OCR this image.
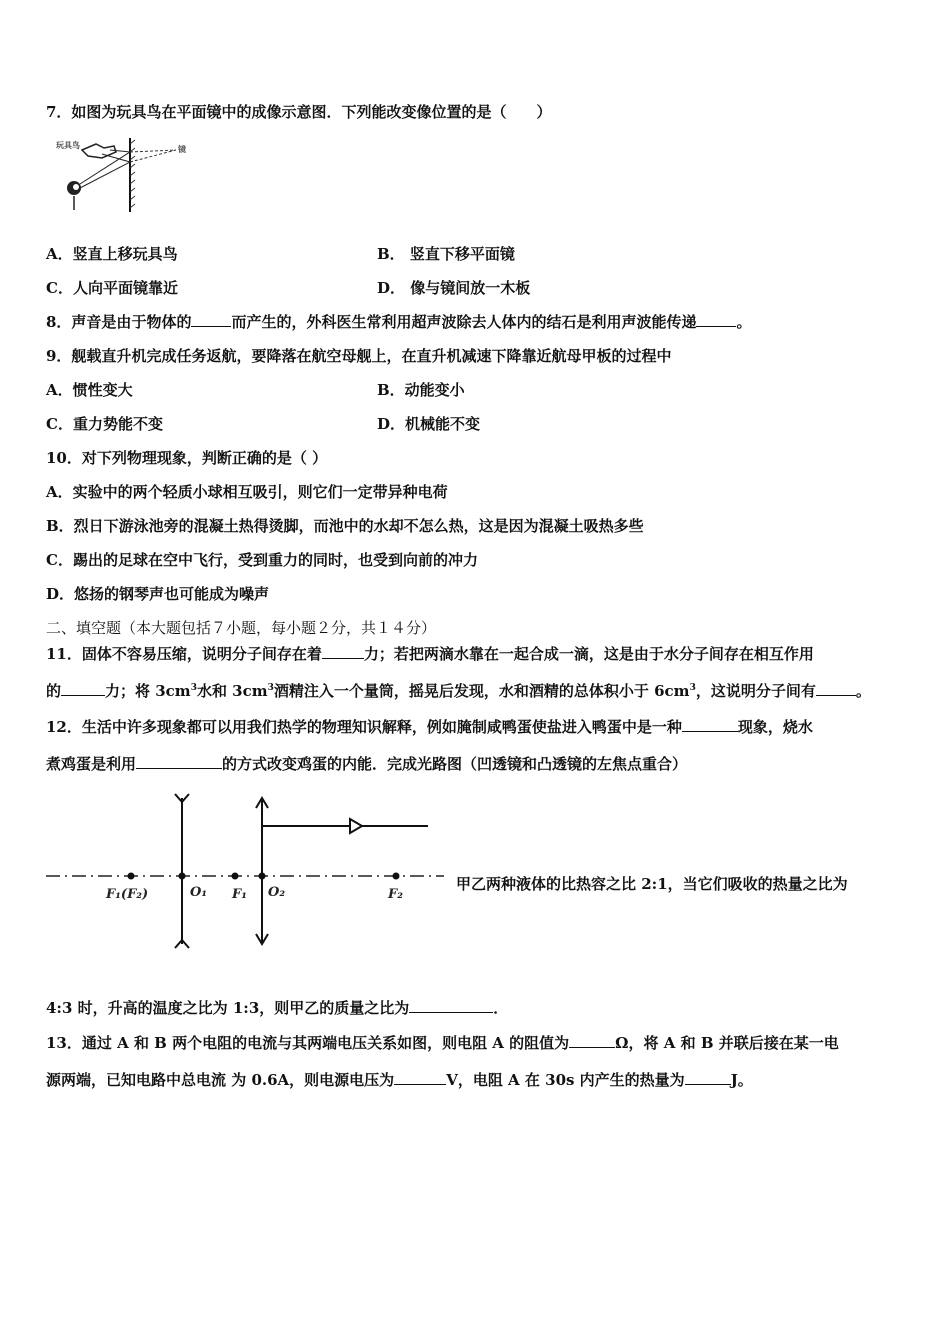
7．如图为玩具鸟在平面镜中的成像示意图．下列能改变像位置的是（　　）
玩具鸟	镜
A．竖直上移玩具鸟	B． 竖直下移平面镜
C．人向平面镜靠近	D． 像与镜间放一木板
8．声音是由于物体的	而产生的，外科医生常利用超声波除去人体内的结石是利用声波能传递	。
9．舰载直升机完成任务返航，要降落在航空母舰上，在直升机减速下降靠近航母甲板的过程中
A．惯性变大	B．动能变小
C．重力势能不变	D．机械能不变
10．对下列物理现象，判断正确的是（ ）
A．实验中的两个轻质小球相互吸引，则它们一定带异种电荷
B．烈日下游泳池旁的混凝土热得烫脚，而池中的水却不怎么热，这是因为混凝土吸热多些
C．踢出的足球在空中飞行，受到重力的同时，也受到向前的冲力
D．悠扬的钢琴声也可能成为噪声
二、填空题（本大题包括７小题，每小题２分，共１４分）
11．固体不容易压缩，说明分子间存在着	力；若把两滴水靠在一起合成一滴，这是由于水分子间存在相互作用
的	力；将 $3cm^3$水和 $3cm^3$酒精注入一个量筒，摇晃后发现，水和酒精的总体积小于 $6cm^3$，这说明分子间有	。
12．生活中许多现象都可以用我们热学的物理知识解释，例如腌制咸鸭蛋使盐进入鸭蛋中是一种	现象，烧水
煮鸡蛋是利用	的方式改变鸡蛋的内能．完成光路图（凹透镜和凸透镜的左焦点重合）
F₁(F₂)	O₁ F₁ O₂	F₂
甲乙两种液体的比热容之比 2:1，当它们吸收的热量之比为
4:3 时，升高的温度之比为 1:3，则甲乙的质量之比为	．
13．通过 A 和 B 两个电阻的电流与其两端电压关系如图，则电阻 A 的阻值为	Ω，将 A 和 B 并联后接在某一电
源两端，已知电路中总电流 为 0.6A，则电源电压为	V，电阻 A 在 30s 内产生的热量为	J。
